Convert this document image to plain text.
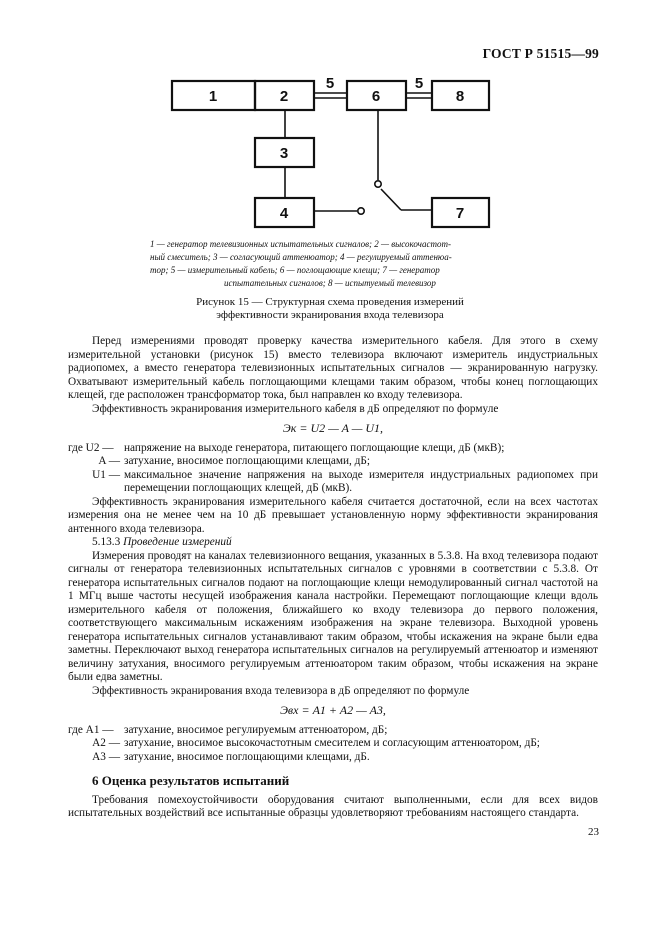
ГОСТ Р 51515—99
1	2
3
4
6
7
8
5	5
1 — генератор телевизионных испытательных сигналов; 2 — высокочастот-
ный смеситель; 3 — согласующий аттенюатор; 4 — регулируемый аттенюа-
тор; 5 — измерительный кабель; 6 — поглощающие клещи; 7 — генератор
испытательных сигналов; 8 — испытуемый телевизор
Рисунок 15 — Структурная схема проведения измерений
эффективности экранирования входа телевизора

Перед измерениями проводят проверку качества измерительного кабеля. Для этого в схему измерительной установки (рисунок 15) вместо телевизора включают измеритель индустриальных радиопомех, а вместо генератора телевизионных испытательных сигналов — экранированную нагрузку. Охватывают измерительный кабель поглощающими клещами таким образом, чтобы конец поглощающих клещей, где расположен трансформатор тока, был направлен ко входу телевизора.

Эффективность экранирования измерительного кабеля в дБ определяют по формуле

Эк = U2 — A — U1,
где U2 — напряжение на выходе генератора, питающего поглощающие клещи, дБ (мкВ);
A — затухание, вносимое поглощающими клещами, дБ;
U1 — максимальное значение напряжения на выходе измерителя индустриальных радиопомех при перемещении поглощающих клещей, дБ (мкВ).

Эффективность экранирования измерительного кабеля считается достаточной, если на всех частотах измерения она не менее чем на 10 дБ превышает установленную норму эффективности экранирования антенного входа телевизора.

5.13.3 Проведение измерений

Измерения проводят на каналах телевизионного вещания, указанных в 5.3.8. На вход телевизора подают сигналы от генератора телевизионных испытательных сигналов с уровнями в соответствии с 5.3.8. От генератора испытательных сигналов подают на поглощающие клещи немодулированный сигнал частотой на 1 МГц выше частоты несущей изображения канала настройки. Перемещают поглощающие клещи вдоль измерительного кабеля от положения, ближайшего ко входу телевизора до первого положения, соответствующего максимальным искажениям изображения на экране телевизора. Выходной уровень генератора испытательных сигналов устанавливают таким образом, чтобы искажения на экране были едва заметны. Переключают выход генератора испытательных сигналов на регулируемый аттенюатор и изменяют величину затухания, вносимого регулируемым аттенюатором таким образом, чтобы искажения на экране были едва заметны.

Эффективность экранирования входа телевизора в дБ определяют по формуле

Эвх = A1 + A2 — A3,
где A1 — затухание, вносимое регулируемым аттенюатором, дБ;
A2 — затухание, вносимое высокочастотным смесителем и согласующим аттенюатором, дБ;
A3 — затухание, вносимое поглощающими клещами, дБ.
6 Оценка результатов испытаний

Требования помехоустойчивости оборудования считают выполненными, если для всех видов испытательных воздействий все испытанные образцы удовлетворяют требованиям настоящего стандарта.

23
